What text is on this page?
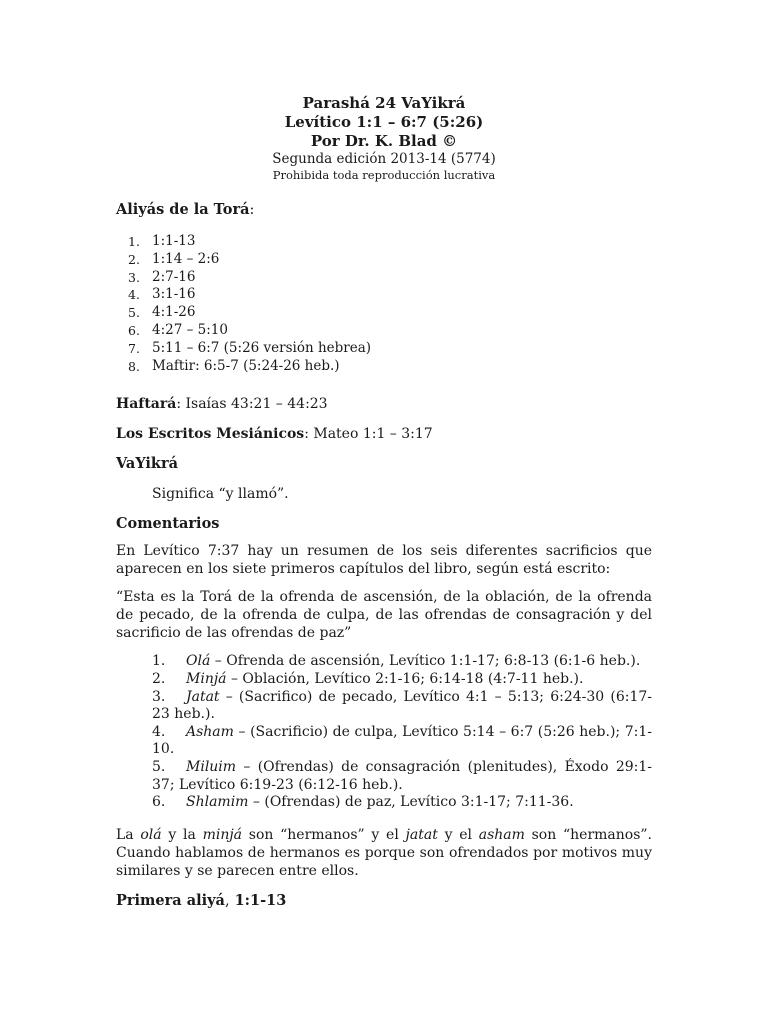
Parashá 24 VaYikrá
Levítico 1:1 – 6:7 (5:26)
Por Dr. K. Blad ©
Segunda edición 2013-14 (5774)
Prohibida toda reproducción lucrativa
Aliyás de la Torá:
1. 1:1-13
2. 1:14 – 2:6
3. 2:7-16
4. 3:1-16
5. 4:1-26
6. 4:27 – 5:10
7. 5:11 – 6:7 (5:26 versión hebrea)
8. Maftir: 6:5-7 (5:24-26 heb.)
Haftará: Isaías 43:21 – 44:23
Los Escritos Mesiánicos: Mateo 1:1 – 3:17
VaYikrá
Significa “y llamó”.
Comentarios

En Levítico 7:37 hay un resumen de los seis diferentes sacrificios que aparecen en los siete primeros capítulos del libro, según está escrito:

“Esta es la Torá de la ofrenda de ascensión, de la oblación, de la ofrenda de pecado, de la ofrenda de culpa, de las ofrendas de consagración y del sacrificio de las ofrendas de paz”

1.	Olá – Ofrenda de ascensión, Levítico 1:1-17; 6:8-13 (6:1-6 heb.).
2.	Minjá – Oblación, Levítico 2:1-16; 6:14-18 (4:7-11 heb.).
3.	Jatat – (Sacrifico) de pecado, Levítico 4:1 – 5:13; 6:24-30 (6:17-23 heb.).
4.	Asham – (Sacrificio) de culpa, Levítico 5:14 – 6:7 (5:26 heb.); 7:1-10.
5.	Miluim – (Ofrendas) de consagración (plenitudes), Éxodo 29:1-37; Levítico 6:19-23 (6:12-16 heb.).
6.	Shlamim – (Ofrendas) de paz, Levítico 3:1-17; 7:11-36.

La olá y la minjá son “hermanos” y el jatat y el asham son “hermanos”. Cuando hablamos de hermanos es porque son ofrendados por motivos muy similares y se parecen entre ellos.

Primera aliyá, 1:1-13
